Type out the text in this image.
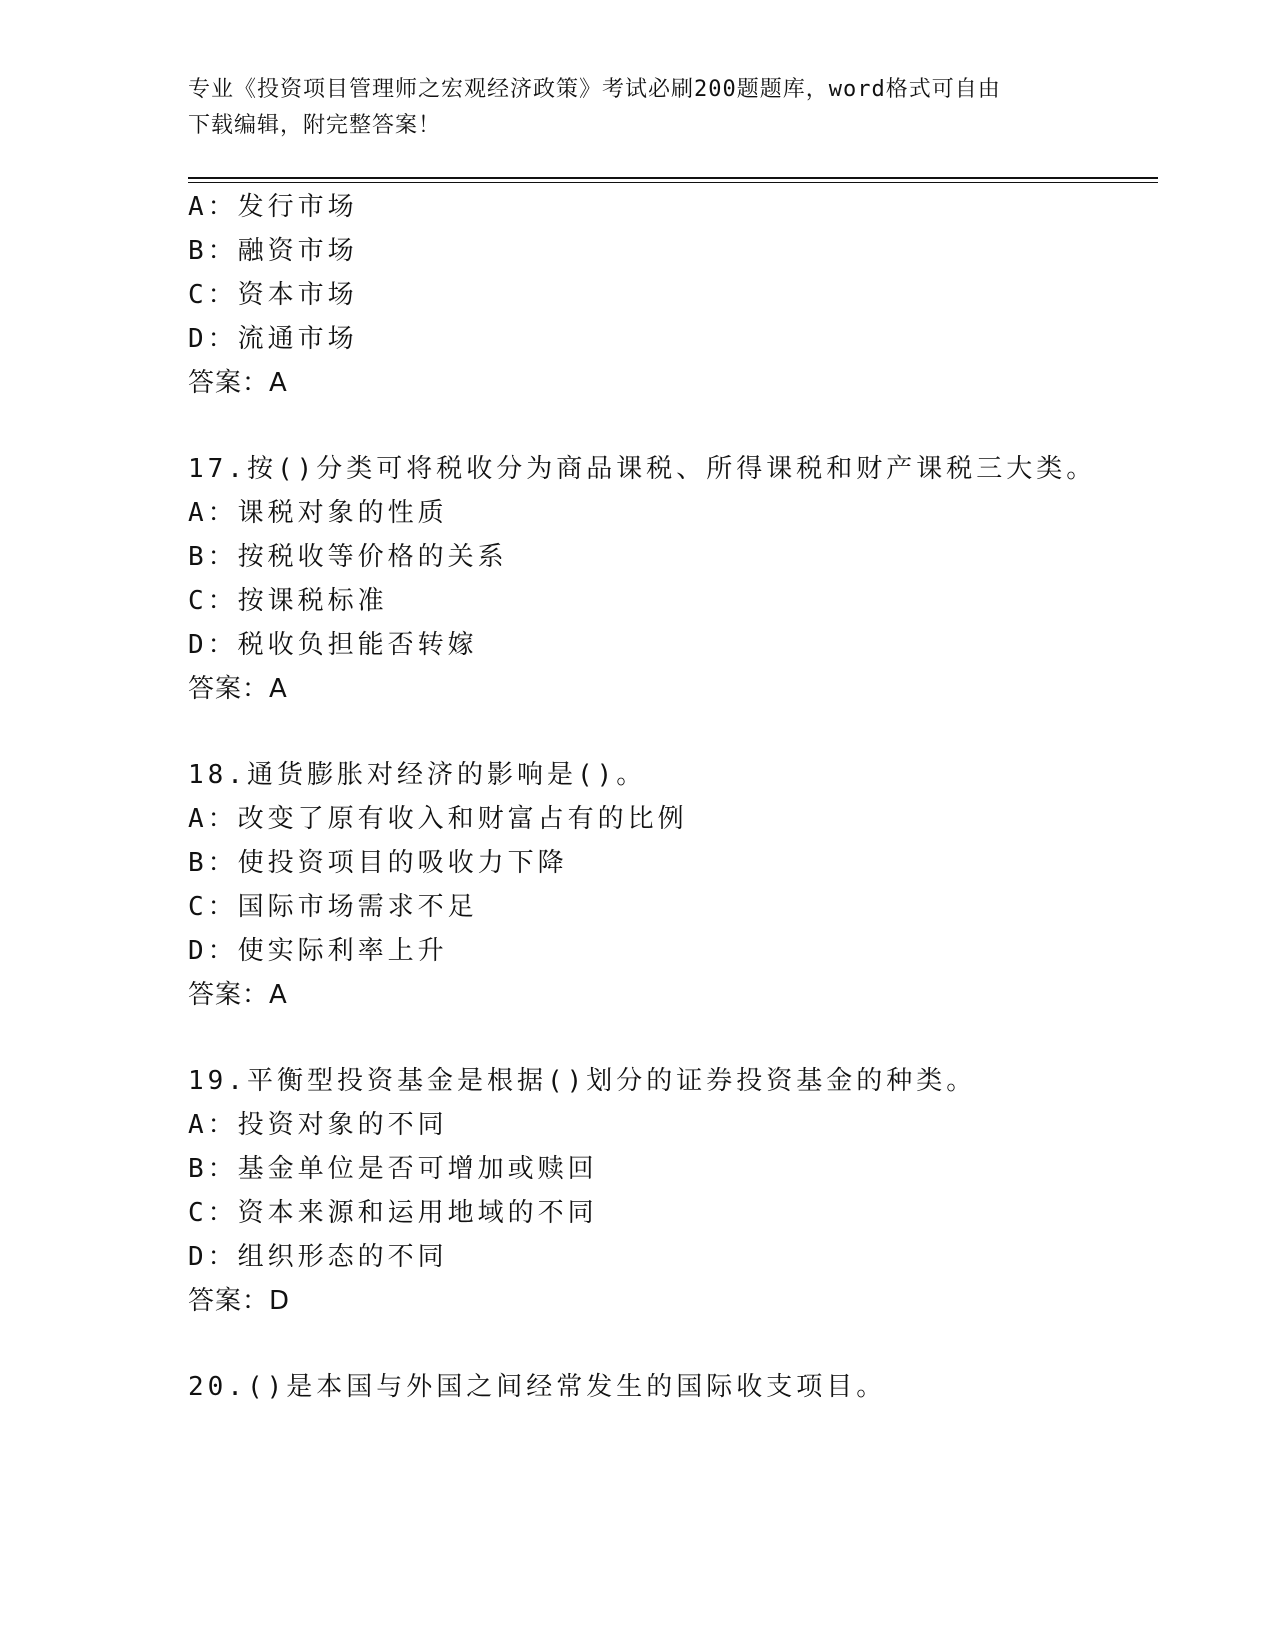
专业《投资项目管理师之宏观经济政策》考试必刷200题题库，word格式可自由
下载编辑，附完整答案！
A：发行市场
B：融资市场
C：资本市场
D：流通市场
答案：A
17.按()分类可将税收分为商品课税、所得课税和财产课税三大类。
A：课税对象的性质
B：按税收等价格的关系
C：按课税标准
D：税收负担能否转嫁
答案：A
18.通货膨胀对经济的影响是()。
A：改变了原有收入和财富占有的比例
B：使投资项目的吸收力下降
C：国际市场需求不足
D：使实际利率上升
答案：A
19.平衡型投资基金是根据()划分的证券投资基金的种类。
A：投资对象的不同
B：基金单位是否可增加或赎回
C：资本来源和运用地域的不同
D：组织形态的不同
答案：D
20.()是本国与外国之间经常发生的国际收支项目。
